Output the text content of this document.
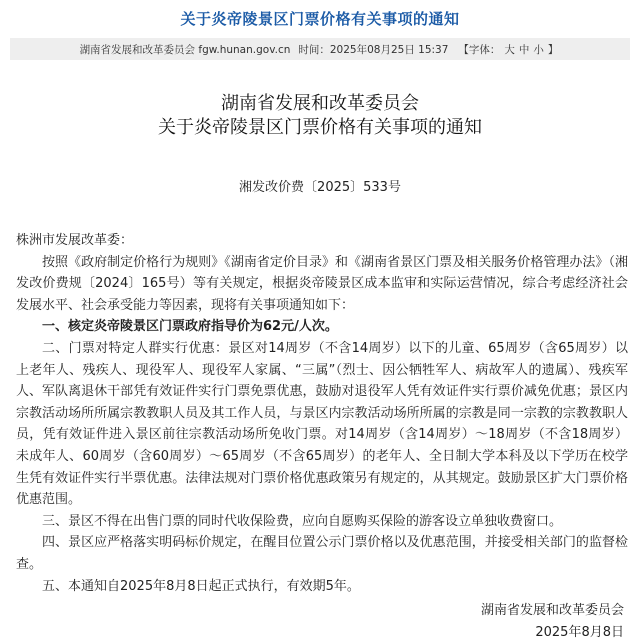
关于炎帝陵景区门票价格有关事项的通知
湖南省发展和改革委员会 fgw.hunan.gov.cn 时间：2025年08月25日 15:37 【字体： 大 中 小 】
湖南省发展和改革委员会
关于炎帝陵景区门票价格有关事项的通知
湘发改价费〔2025〕533号

株洲市发展改革委：

按照《政府制定价格行为规则》《湖南省定价目录》和《湖南省景区门票及相关服务价格管理办法》（湘发改价费规〔2024〕165号）等有关规定，根据炎帝陵景区成本监审和实际运营情况，综合考虑经济社会发展水平、社会承受能力等因素，现将有关事项通知如下：

一、核定炎帝陵景区门票政府指导价为62元/人次。

二、门票对特定人群实行优惠：景区对14周岁（不含14周岁）以下的儿童、65周岁（含65周岁）以上老年人、残疾人、现役军人、现役军人家属、“三属”（烈士、因公牺牲军人、病故军人的遗属）、残疾军人、军队离退休干部凭有效证件实行门票免票优惠，鼓励对退役军人凭有效证件实行票价减免优惠；景区内宗教活动场所所属宗教教职人员及其工作人员，与景区内宗教活动场所所属的宗教是同一宗教的宗教教职人员，凭有效证件进入景区前往宗教活动场所免收门票。对14周岁（含14周岁）～18周岁（不含18周岁）未成年人、60周岁（含60周岁）～65周岁（不含65周岁）的老年人、全日制大学本科及以下学历在校学生凭有效证件实行半票优惠。法律法规对门票价格优惠政策另有规定的，从其规定。鼓励景区扩大门票价格优惠范围。

三、景区不得在出售门票的同时代收保险费，应向自愿购买保险的游客设立单独收费窗口。

四、景区应严格落实明码标价规定，在醒目位置公示门票价格以及优惠范围，并接受相关部门的监督检查。

五、本通知自2025年8月8日起正式执行，有效期5年。

湖南省发展和改革委员会
2025年8月8日
